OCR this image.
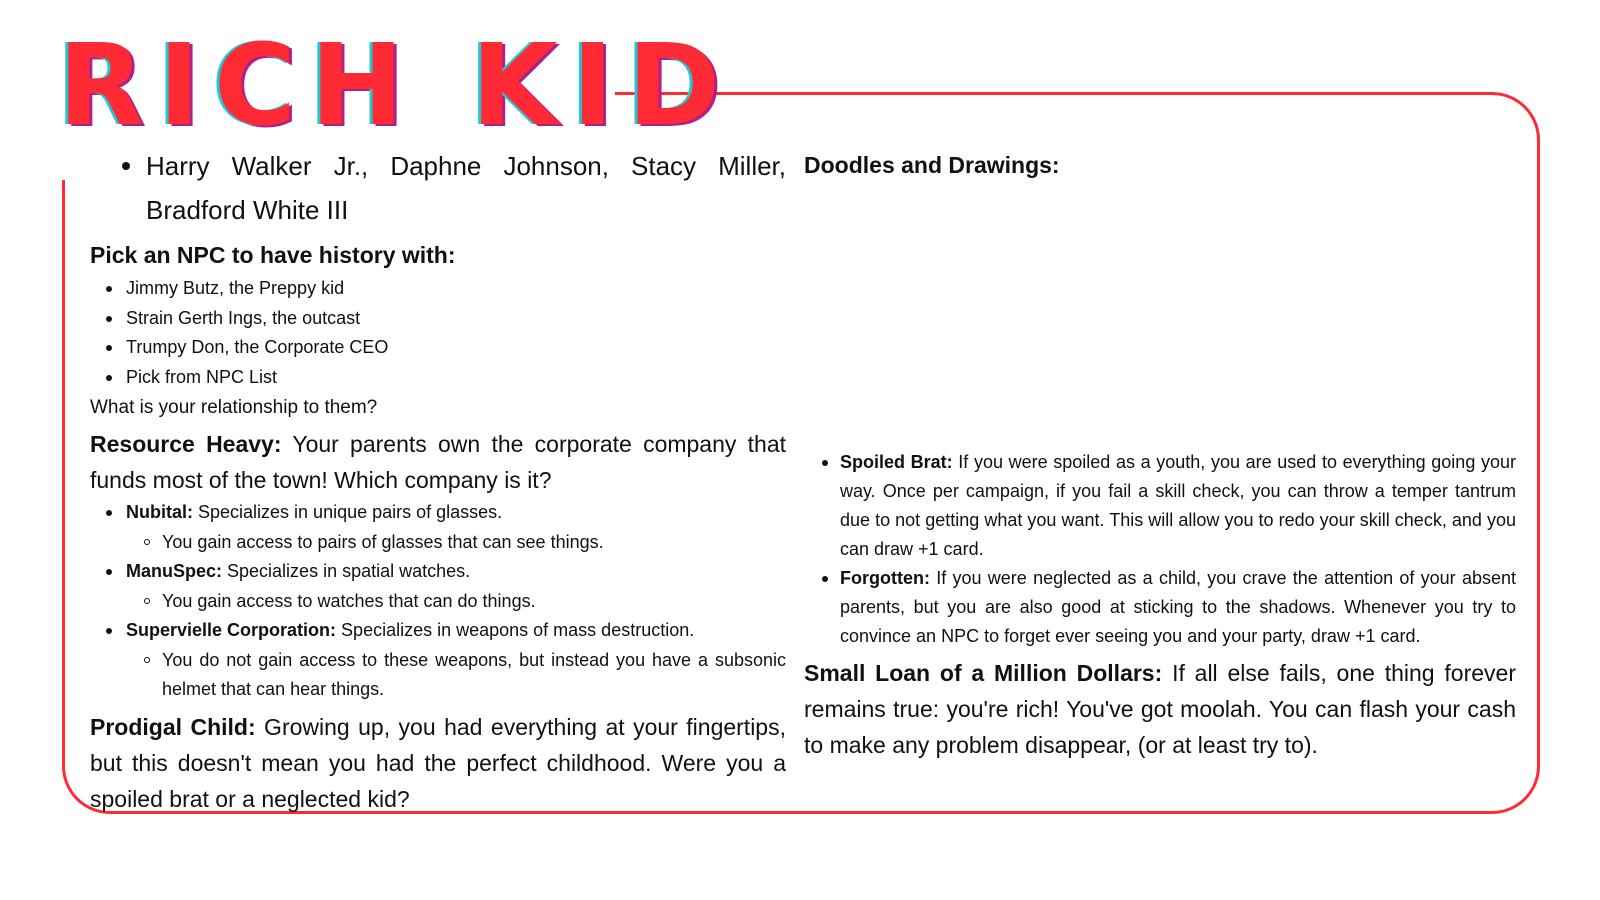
RICH KID
Harry Walker Jr., Daphne Johnson, Stacy Miller, Bradford White III
Pick an NPC to have history with:
Jimmy Butz, the Preppy kid
Strain Gerth Ings, the outcast
Trumpy Don, the Corporate CEO
Pick from NPC List

What is your relationship to them?

Resource Heavy: Your parents own the corporate company that funds most of the town! Which company is it?

Nubital: Specializes in unique pairs of glasses.
You gain access to pairs of glasses that can see things.
ManuSpec: Specializes in spatial watches.
You gain access to watches that can do things.
Supervielle Corporation: Specializes in weapons of mass destruction.
You do not gain access to these weapons, but instead you have a subsonic helmet that can hear things.

Prodigal Child: Growing up, you had everything at your fingertips, but this doesn't mean you had the perfect childhood. Were you a spoiled brat or a neglected kid?

Doodles and Drawings:
Spoiled Brat: If you were spoiled as a youth, you are used to everything going your way. Once per campaign, if you fail a skill check, you can throw a temper tantrum due to not getting what you want. This will allow you to redo your skill check, and you can draw +1 card.
Forgotten: If you were neglected as a child, you crave the attention of your absent parents, but you are also good at sticking to the shadows. Whenever you try to convince an NPC to forget ever seeing you and your party, draw +1 card.

Small Loan of a Million Dollars: If all else fails, one thing forever remains true: you're rich! You've got moolah. You can flash your cash to make any problem disappear, (or at least try to).
